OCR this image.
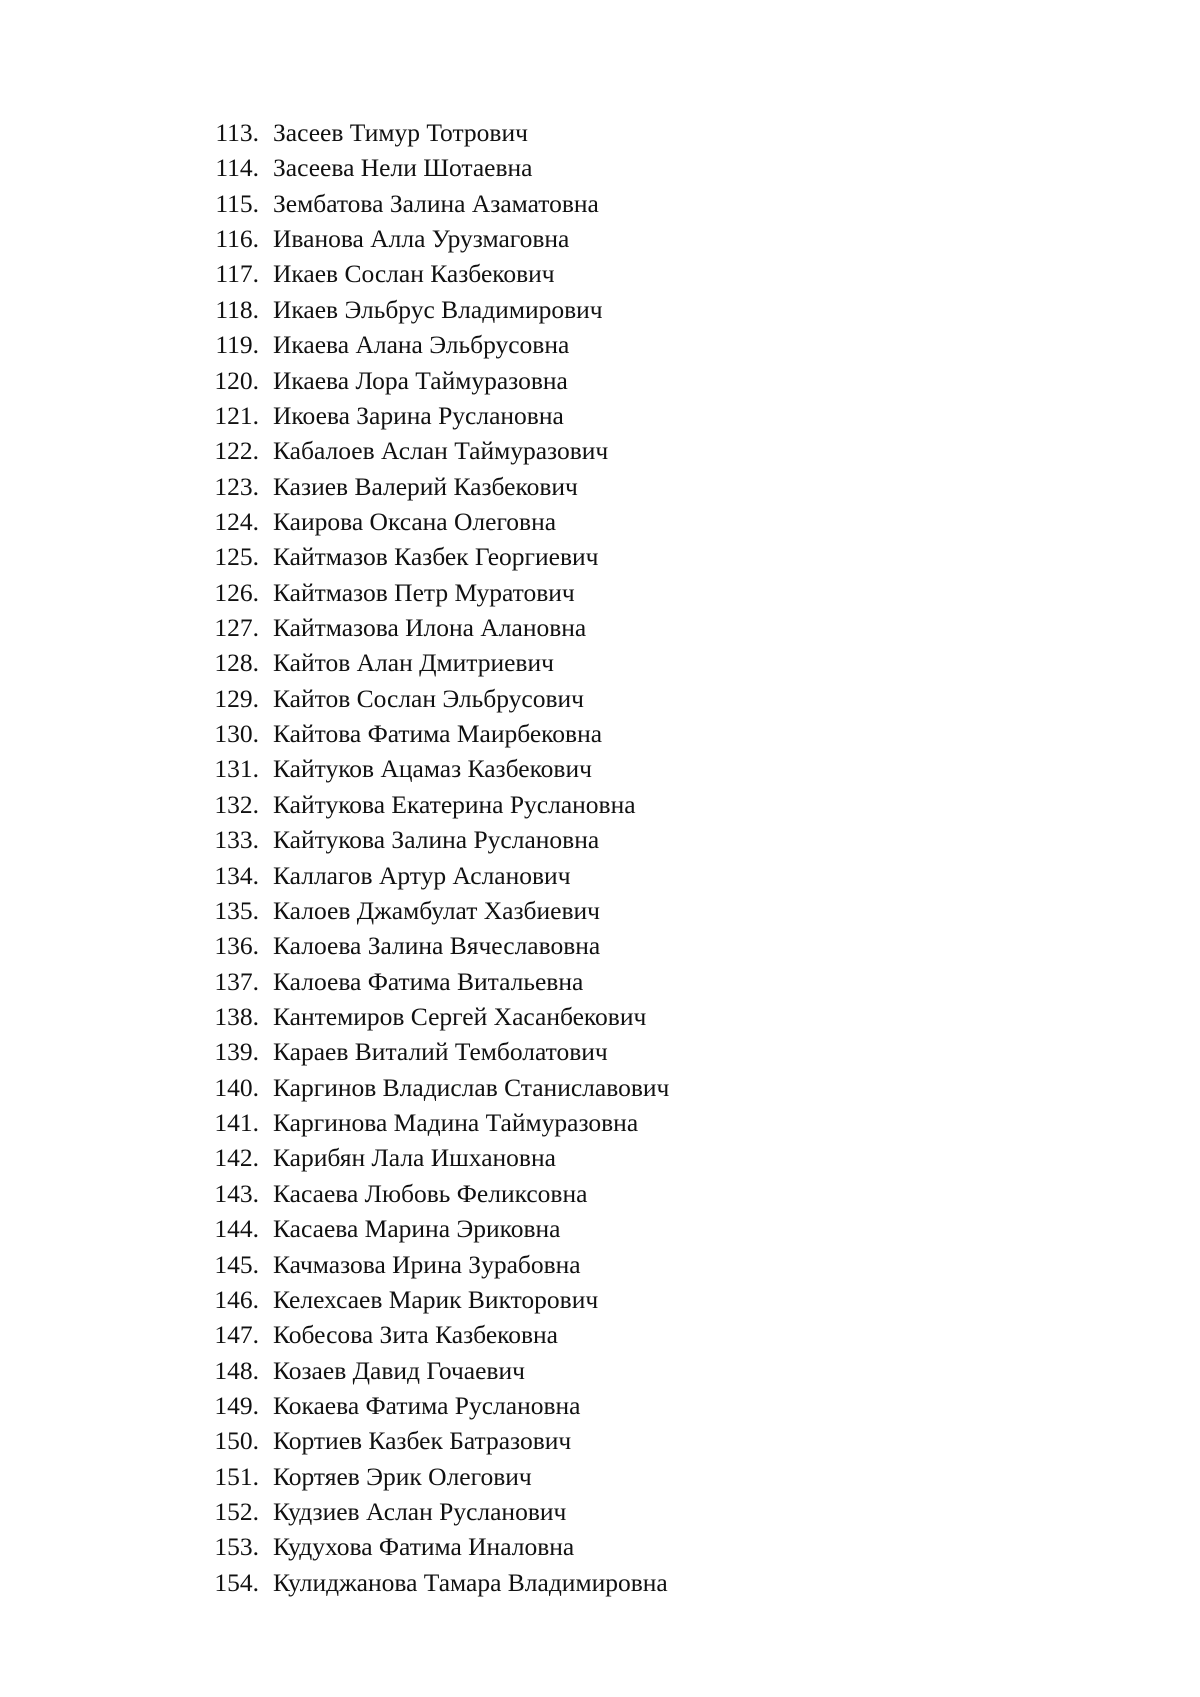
113. Засеев Тимур Тотрович
114. Засеева Нели Шотаевна
115. Зембатова Залина Азаматовна
116. Иванова Алла Урузмаговна
117. Икаев Сослан Казбекович
118. Икаев Эльбрус Владимирович
119. Икаева Алана Эльбрусовна
120. Икаева Лора Таймуразовна
121. Икоева Зарина Руслановна
122. Кабалоев Аслан Таймуразович
123. Казиев Валерий Казбекович
124. Каирова Оксана Олеговна
125. Кайтмазов Казбек Георгиевич
126. Кайтмазов Петр Муратович
127. Кайтмазова Илона Алановна
128. Кайтов Алан Дмитриевич
129. Кайтов Сослан Эльбрусович
130. Кайтова Фатима Маирбековна
131. Кайтуков Ацамаз Казбекович
132. Кайтукова Екатерина Руслановна
133. Кайтукова Залина Руслановна
134. Каллагов Артур Асланович
135. Калоев Джамбулат Хазбиевич
136. Калоева Залина Вячеславовна
137. Калоева Фатима Витальевна
138. Кантемиров Сергей Хасанбекович
139. Караев Виталий Темболатович
140. Каргинов Владислав Станиславович
141. Каргинова Мадина Таймуразовна
142. Карибян Лала Ишхановна
143. Касаева Любовь Феликсовна
144. Касаева Марина Эриковна
145. Качмазова Ирина Зурабовна
146. Келехсаев Марик Викторович
147. Кобесова Зита Казбековна
148. Козаев Давид Гочаевич
149. Кокаева Фатима Руслановна
150. Кортиев Казбек Батразович
151. Кортяев Эрик Олегович
152. Кудзиев Аслан Русланович
153. Кудухова Фатима Иналовна
154. Кулиджанова Тамара Владимировна
